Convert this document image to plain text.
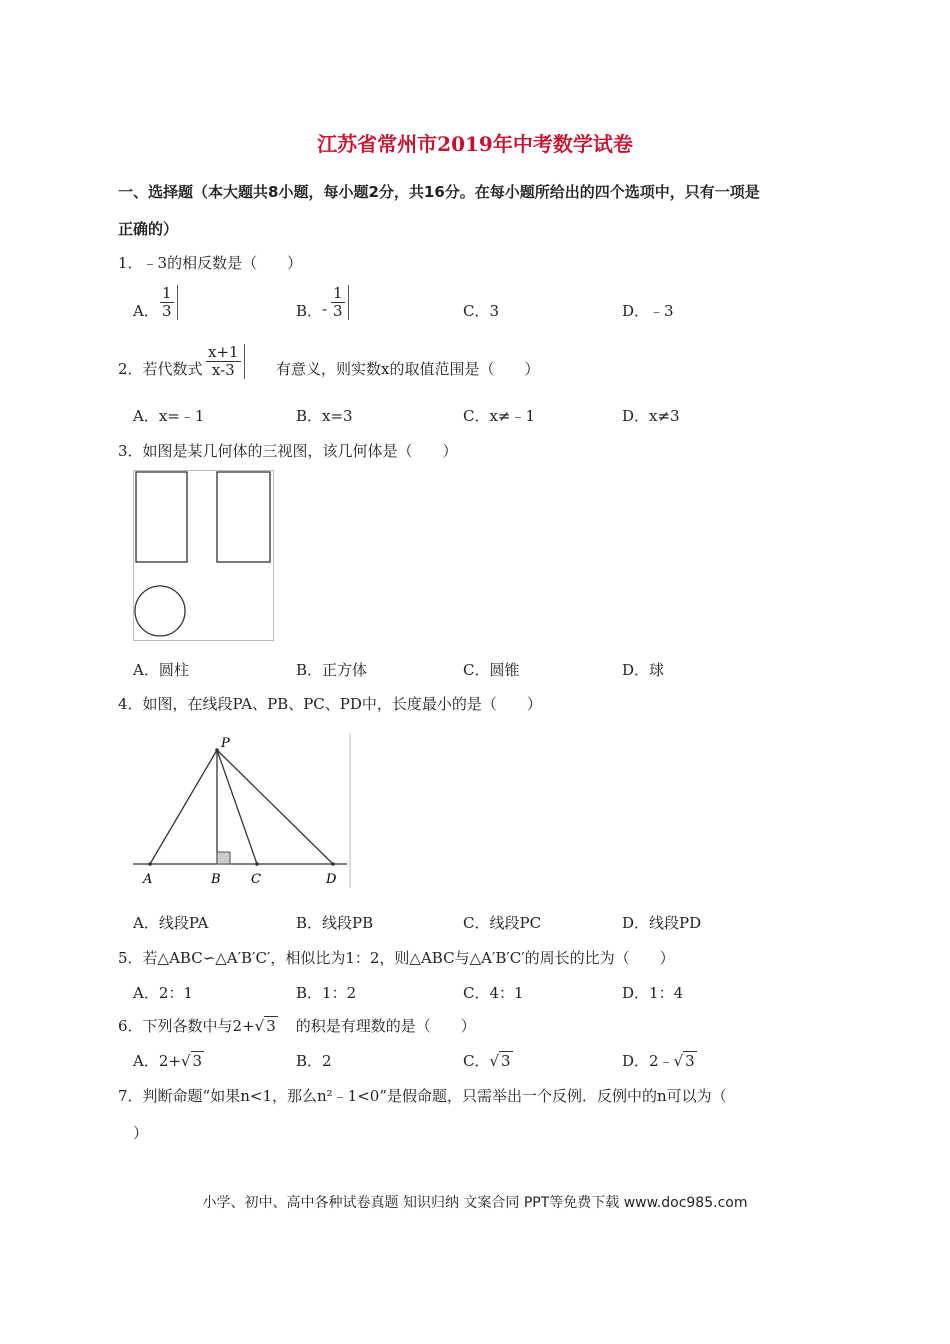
江苏省常州市2019年中考数学试卷
一、选择题（本大题共8小题，每小题2分，共16分。在每小题所给出的四个选项中，只有一项是
正确的）
1．﹣3的相反数是（　　）
A． $\frac{1}{3}$	B． - $\frac{1}{3}$	C．3	D．﹣3
2．若代数式 $\frac{x+1}{x-3}$ 有意义，则实数x的取值范围是（　　）
A．x=﹣1	B．x=3	C．x≠﹣1	D．x≠3
3．如图是某几何体的三视图，该几何体是（　　）
A．圆柱	B．正方体	C．圆锥	D．球
4．如图，在线段PA、PB、PC、PD中，长度最小的是（　　）
P
A	B C	D
A．线段PA	B．线段PB	C．线段PC	D．线段PD
5．若△ABC∽△A′B′C′，相似比为1：2，则△ABC与△A′B′C′的周长的比为（　　）
A．2：1	B．1：2	C．4：1	D．1：4
6．下列各数中与2+ √ 3 的积是有理数的是（　　）
A．2+ √ 3	B．2	C． √ 3	D．2﹣ √ 3
7．判断命题“如果n<1，那么n²﹣1<0”是假命题，只需举出一个反例．反例中的n可以为（
）
小学、初中、高中各种试卷真题 知识归纳 文案合同 PPT等免费下载 www.doc985.com
